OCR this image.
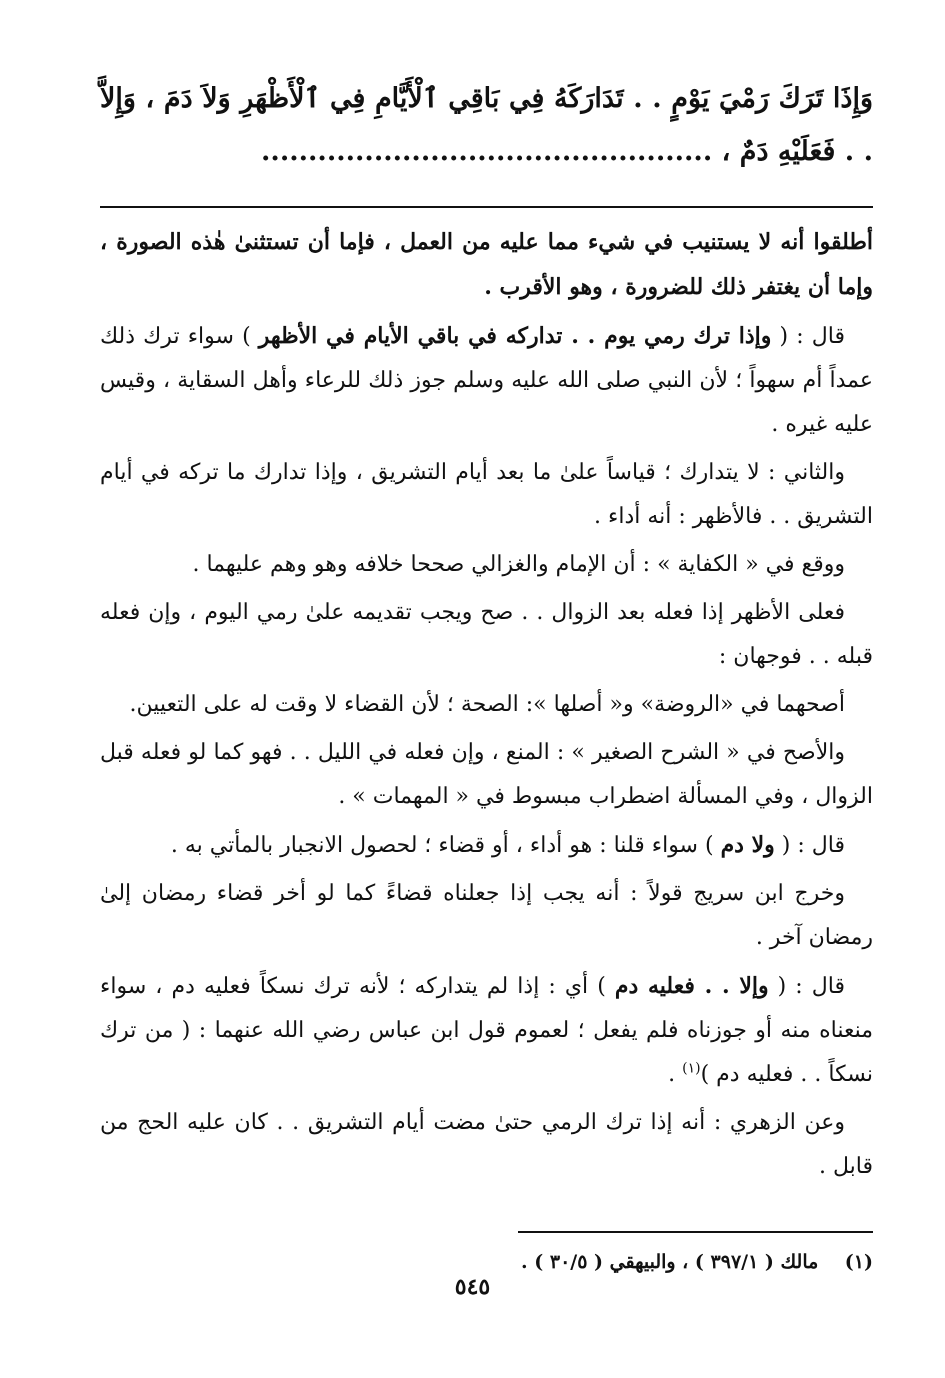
وَإِذَا تَرَكَ رَمْيَ يَوْمٍ . . تَدَارَكَهُ فِي بَاقِي ٱلْأَيَّامِ فِي ٱلْأَظْهَرِ وَلاَ دَمَ ، وَإِلاَّ . . فَعَلَيْهِ دَمٌ ، ................................................

أطلقوا أنه لا يستنيب في شيء مما عليه من العمل ، فإما أن تستثنىٰ هٰذه الصورة ، وإما أن يغتفر ذلك للضرورة ، وهو الأقرب .

قال : ( وإذا ترك رمي يوم . . تداركه في باقي الأيام في الأظهر ) سواء ترك ذلك عمداً أم سهواً ؛ لأن النبي صلى الله عليه وسلم جوز ذلك للرعاء وأهل السقاية ، وقيس عليه غيره .

والثاني : لا يتدارك ؛ قياساً علىٰ ما بعد أيام التشريق ، وإذا تدارك ما تركه في أيام التشريق . . فالأظهر : أنه أداء .

ووقع في « الكفاية » : أن الإمام والغزالي صححا خلافه وهو وهم عليهما .

فعلى الأظهر إذا فعله بعد الزوال . . صح ويجب تقديمه علىٰ رمي اليوم ، وإن فعله قبله . . فوجهان :

أصحهما في «الروضة» و« أصلها »: الصحة ؛ لأن القضاء لا وقت له على التعيين.

والأصح في « الشرح الصغير » : المنع ، وإن فعله في الليل . . فهو كما لو فعله قبل الزوال ، وفي المسألة اضطراب مبسوط في « المهمات » .

قال : ( ولا دم ) سواء قلنا : هو أداء ، أو قضاء ؛ لحصول الانجبار بالمأتي به .

وخرج ابن سريج قولاً : أنه يجب إذا جعلناه قضاءً كما لو أخر قضاء رمضان إلىٰ رمضان آخر .

قال : ( وإلا . . فعليه دم ) أي : إذا لم يتداركه ؛ لأنه ترك نسكاً فعليه دم ، سواء منعناه منه أو جوزناه فلم يفعل ؛ لعموم قول ابن عباس رضي الله عنهما : ( من ترك نسكاً . . فعليه دم )$^{(١)}$ .

وعن الزهري : أنه إذا ترك الرمي حتىٰ مضت أيام التشريق . . كان عليه الحج من قابل .

(١)    مالك ( ٣٩٧/١ ) ، والبيهقي ( ٣٠/٥ ) .
٥٤٥
